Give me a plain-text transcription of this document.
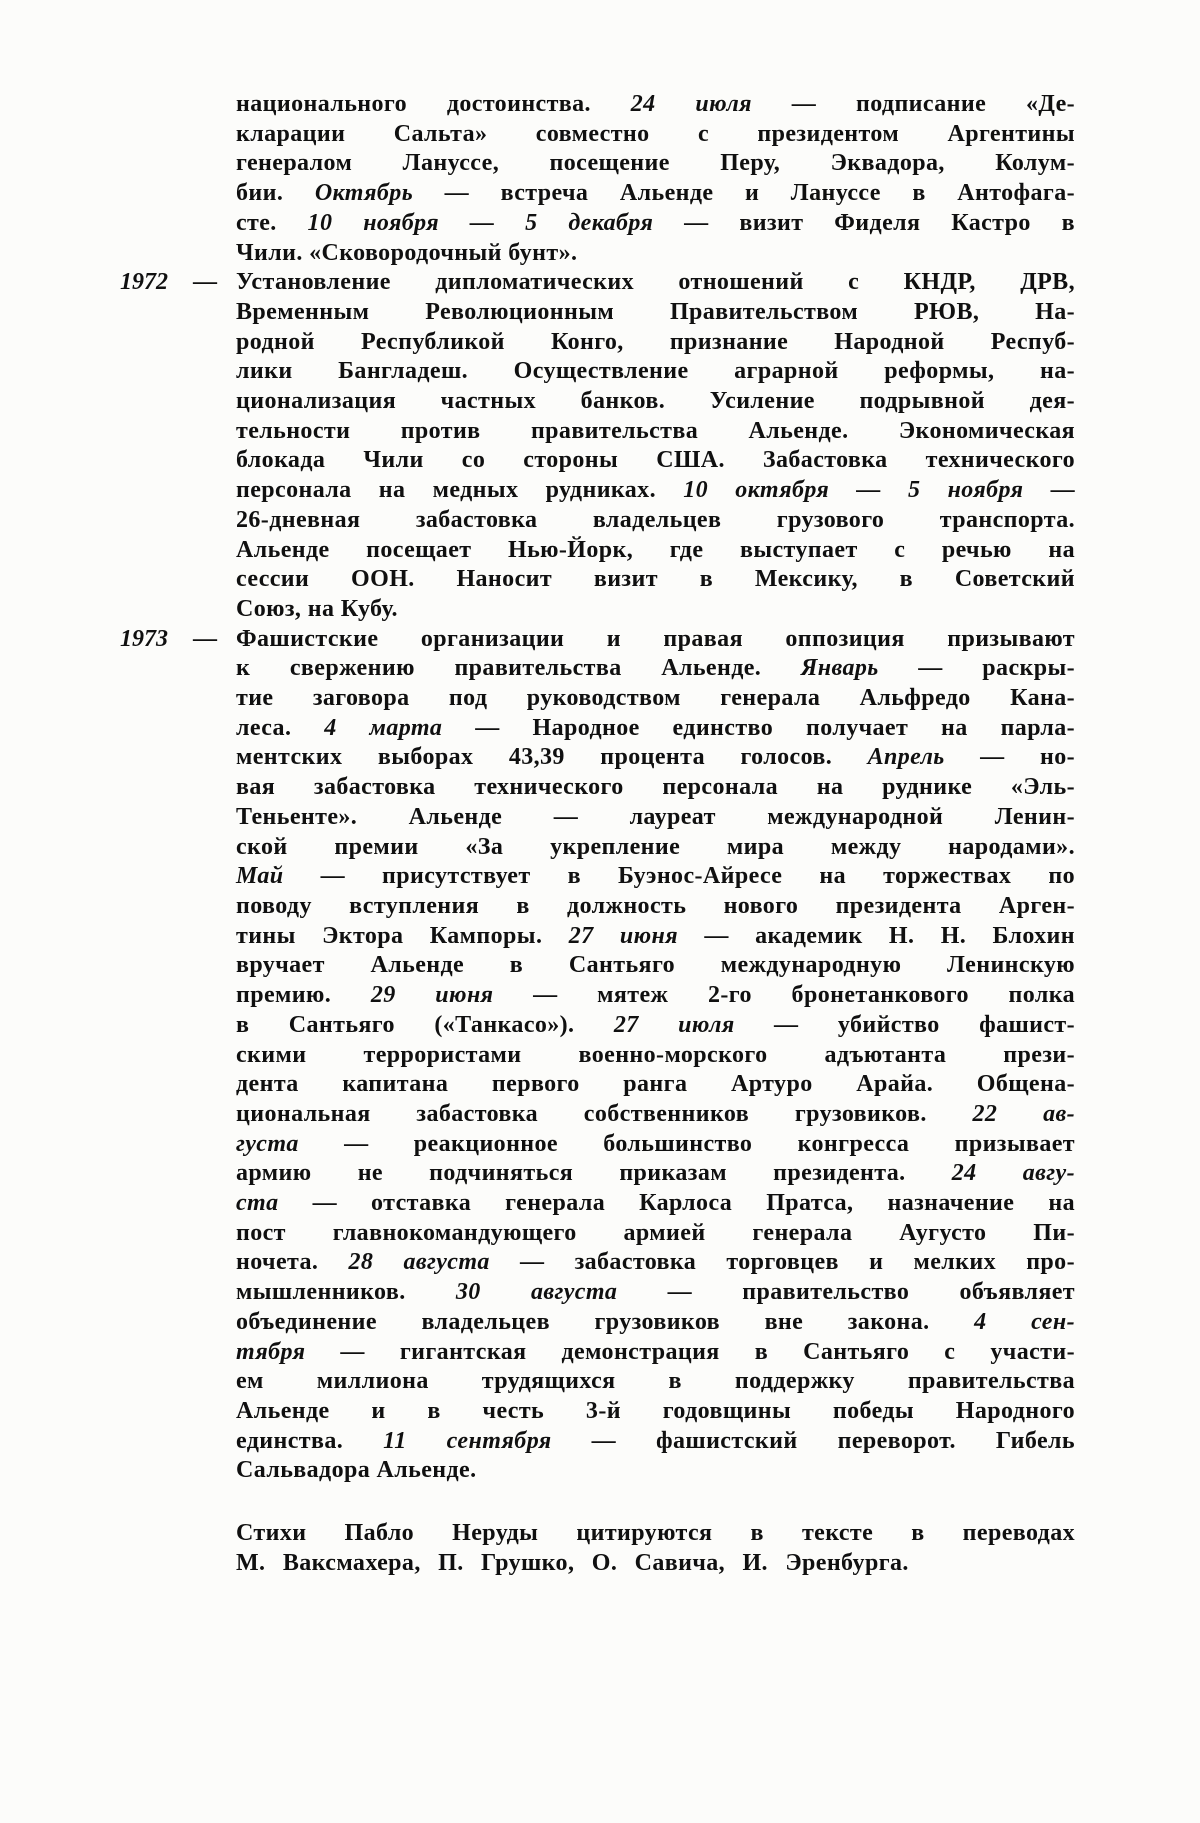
национального достоинства. 24 июля — подписание «Де-
кларации Сальта» совместно с президентом Аргентины
генералом Лануссе, посещение Перу, Эквадора, Колум-
бии. Октябрь — встреча Альенде и Лануссе в Антофага-
сте. 10 ноября — 5 декабря — визит Фиделя Кастро в
Чили. «Сковородочный бунт».
1972 — Установление дипломатических отношений с КНДР, ДРВ,
Временным Революционным Правительством РЮВ, На-
родной Республикой Конго, признание Народной Респуб-
лики Бангладеш. Осуществление аграрной реформы, на-
ционализация частных банков. Усиление подрывной дея-
тельности против правительства Альенде. Экономическая
блокада Чили со стороны США. Забастовка технического
персонала на медных рудниках. 10 октября — 5 ноября —
26-дневная забастовка владельцев грузового транспорта.
Альенде посещает Нью-Йорк, где выступает с речью на
сессии ООН. Наносит визит в Мексику, в Советский
Союз, на Кубу.
1973 — Фашистские организации и правая оппозиция призывают
к свержению правительства Альенде. Январь — раскры-
тие заговора под руководством генерала Альфредо Кана-
леса. 4 марта — Народное единство получает на парла-
ментских выборах 43,39 процента голосов. Апрель — но-
вая забастовка технического персонала на руднике «Эль-
Теньенте». Альенде — лауреат международной Ленин-
ской премии «За укрепление мира между народами».
Май — присутствует в Буэнос-Айресе на торжествах по
поводу вступления в должность нового президента Арген-
тины Эктора Кампоры. 27 июня — академик Н. Н. Блохин
вручает Альенде в Сантьяго международную Ленинскую
премию. 29 июня — мятеж 2-го бронетанкового полка
в Сантьяго («Танкасо»). 27 июля — убийство фашист-
скими террористами военно-морского адъютанта прези-
дента капитана первого ранга Артуро Арайа. Общена-
циональная забастовка собственников грузовиков. 22 ав-
густа — реакционное большинство конгресса призывает
армию не подчиняться приказам президента. 24 авгу-
ста — отставка генерала Карлоса Пратса, назначение на
пост главнокомандующего армией генерала Аугусто Пи-
ночета. 28 августа — забастовка торговцев и мелких про-
мышленников. 30 августа — правительство объявляет
объединение владельцев грузовиков вне закона. 4 сен-
тября — гигантская демонстрация в Сантьяго с участи-
ем миллиона трудящихся в поддержку правительства
Альенде и в честь 3-й годовщины победы Народного
единства. 11 сентября — фашистский переворот. Гибель
Сальвадора Альенде.
Стихи Пабло Неруды цитируются в тексте в переводах
М. Ваксмахера, П. Грушко, О. Савича, И. Эренбурга.
